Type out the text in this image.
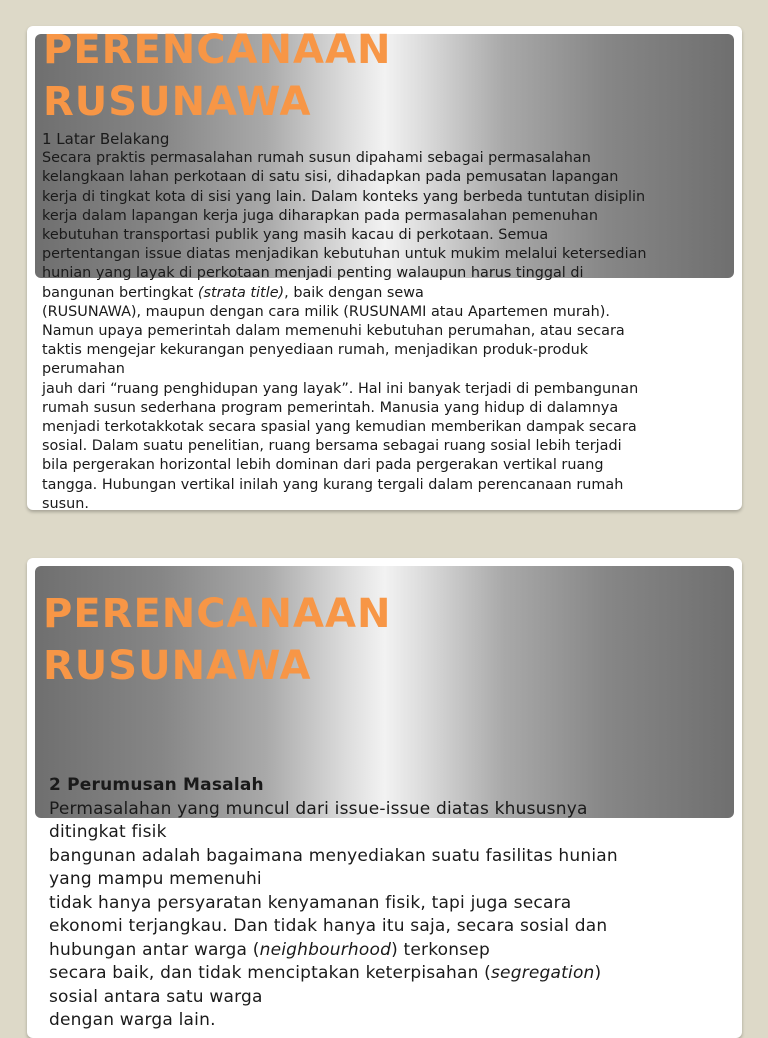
PERENCANAAN
RUSUNAWA
1 Latar Belakang
Secara praktis permasalahan rumah susun dipahami sebagai permasalahan
kelangkaan lahan perkotaan di satu sisi, dihadapkan pada pemusatan lapangan
kerja di tingkat kota di sisi yang lain. Dalam konteks yang berbeda tuntutan disiplin
kerja dalam lapangan kerja juga diharapkan pada permasalahan pemenuhan
kebutuhan transportasi publik yang masih kacau di perkotaan. Semua
pertentangan issue diatas menjadikan kebutuhan untuk mukim melalui ketersedian
hunian yang layak di perkotaan menjadi penting walaupun harus tinggal di
bangunan bertingkat (strata title), baik dengan sewa
(RUSUNAWA), maupun dengan cara milik (RUSUNAMI atau Apartemen murah).
Namun upaya pemerintah dalam memenuhi kebutuhan perumahan, atau secara
taktis mengejar kekurangan penyediaan rumah, menjadikan produk-produk
perumahan
jauh dari “ruang penghidupan yang layak”. Hal ini banyak terjadi di pembangunan
rumah susun sederhana program pemerintah. Manusia yang hidup di dalamnya
menjadi terkotakkotak secara spasial yang kemudian memberikan dampak secara
sosial. Dalam suatu penelitian, ruang bersama sebagai ruang sosial lebih terjadi
bila pergerakan horizontal lebih dominan dari pada pergerakan vertikal ruang
tangga. Hubungan vertikal inilah yang kurang tergali dalam perencanaan rumah
susun.
PERENCANAAN
RUSUNAWA
2 Perumusan Masalah
Permasalahan yang muncul dari issue-issue diatas khususnya
ditingkat fisik
bangunan adalah bagaimana menyediakan suatu fasilitas hunian
yang mampu memenuhi
tidak hanya persyaratan kenyamanan fisik, tapi juga secara
ekonomi terjangkau. Dan tidak hanya itu saja, secara sosial dan
hubungan antar warga (neighbourhood) terkonsep
secara baik, dan tidak menciptakan keterpisahan (segregation)
sosial antara satu warga
dengan warga lain.
